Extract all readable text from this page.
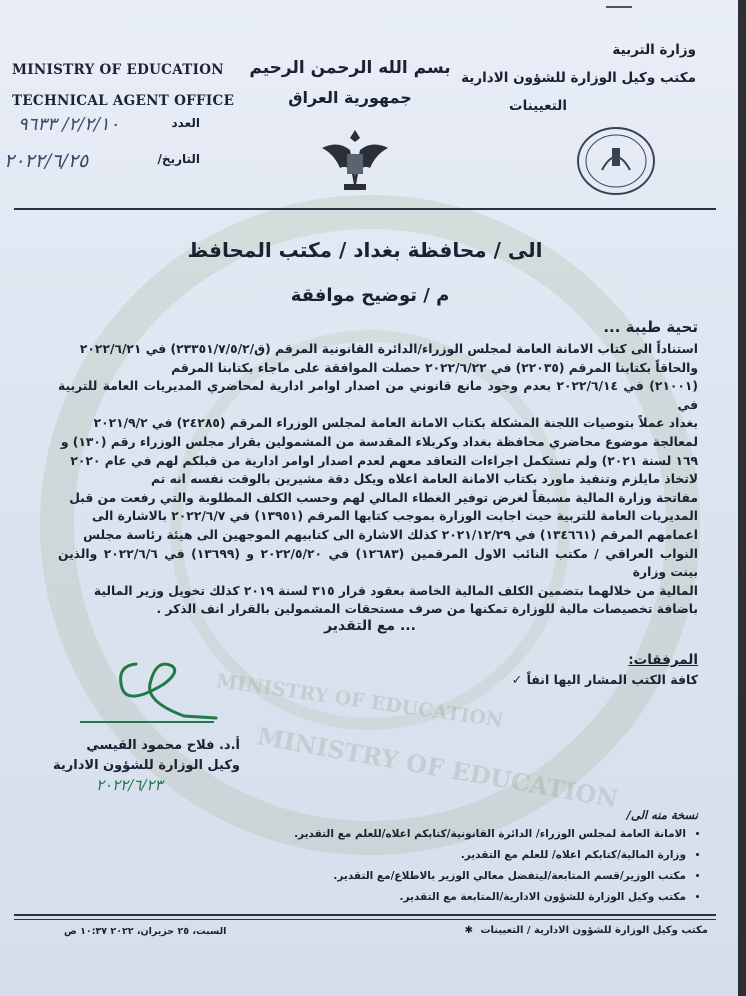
MINISTRY OF EDUCATION
MINISTRY OF EDUCATION
MINISTRY OF EDUCATION
TECHNICAL AGENT OFFICE
العدد
٢/٢/١٠/ ٩٦٣٣
التاريخ/
٢٠٢٢/٦/٢٥
بسم الله الرحمن الرحيم
جمهورية العراق
وزارة التربية
مكتب وكيل الوزارة للشؤون الادارية
التعيينات
الى / محافظة بغداد / مكتب المحافظ
م / توضيح موافقة
تحية طيبة ...
استناداً الى كتاب الامانة العامة لمجلس الوزراء/الدائرة القانونية المرقم (ق/٢٣٣٥١/٧/٥/٢) في ٢٠٢٢/٦/٢١
والحاقاً بكتابنا المرقم (٢٢٠٣٥) في ٢٠٢٢/٦/٢٢ حصلت الموافقة على ماجاء بكتابنا المرقم
(٢١٠٠١) في ٢٠٢٢/٦/١٤ بعدم وجود مانع قانوني من اصدار اوامر ادارية لمحاضري المديريات العامة للتربية في
بغداد عملاً بتوصيات اللجنة المشكلة بكتاب الامانة العامة لمجلس الوزراء المرقم (٢٤٢٨٥) في ٢٠٢١/٩/٢
لمعالجة موضوع محاضري محافظة بغداد وكربلاء المقدسة من المشمولين بقرار مجلس الوزراء رقم (١٣٠) و
١٦٩ لسنة ٢٠٢١) ولم تستكمل اجراءات التعاقد معهم لعدم اصدار اوامر ادارية من قبلكم لهم في عام ٢٠٢٠
لاتخاذ مايلزم وتنفيذ ماورد بكتاب الامانة العامة اعلاه ويكل دقة مشيرين بالوقت نفسه انه تم
مفاتحة وزارة المالية مسبقاً لغرض توفير الغطاء المالي لهم وحسب الكلف المطلوبة والتي رفعت من قبل
المديريات العامة للتربية حيث اجابت الوزارة بموجب كتابها المرقم (١٣٩٥١) في ٢٠٢٢/٦/٧ بالاشارة الى
اعمامهم المرقم (١٣٤٦٦١) في ٢٠٢١/١٢/٢٩ كذلك الاشارة الى كتابيهم الموجهين الى هيئة رئاسة مجلس
النواب العراقي / مكتب النائب الاول المرقمين (١٢٦٨٣) في ٢٠٢٢/٥/٢٠ و (١٣٦٩٩) في ٢٠٢٢/٦/٦ والذين بينت وزارة
المالية من خلالهما بتضمين الكلف المالية الخاصة بعقود قرار ٣١٥ لسنة ٢٠١٩ كذلك تخويل وزير المالية
باضافة تخصيصات مالية للوزارة تمكنها من صرف مستحقات المشمولين بالقرار انف الذكر .
... مع التقدير
المرفقات:
كافة الكتب المشار اليها انفاً ✓
أ.د. فلاح محمود القيسي
وكيل الوزارة للشؤون الادارية
٢٠٢٢/٦/٢٣
نسخة منه الى/
• الامانة العامة لمجلس الوزراء/ الدائرة القانونية/كتابكم اعلاه/للعلم مع التقدير.
• وزارة المالية/كتابكم اعلاه/ للعلم مع التقدير.
• مكتب الوزير/قسم المتابعة/ليتفضل معالي الوزير بالاطلاع/مع التقدير.
• مكتب وكيل الوزارة للشؤون الادارية/المتابعة مع التقدير.
مكتب وكيل الوزارة للشؤون الادارية / التعيينات ✱
السبت، ٢٥ حزيران، ٢٠٢٢ ١٠:٣٧ ص
